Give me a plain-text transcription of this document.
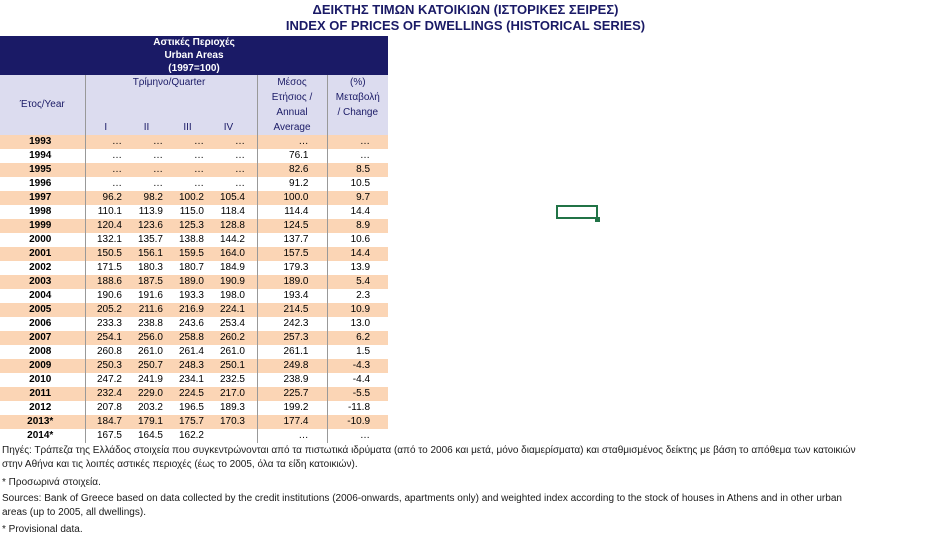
ΔΕΙΚΤΗΣ ΤΙΜΩΝ ΚΑΤΟΙΚΙΩΝ (ΙΣΤΟΡΙΚΕΣ ΣΕΙΡΕΣ)
INDEX OF PRICES OF DWELLINGS (HISTORICAL SERIES)
Αστικές Περιοχές							
Urban Areas							
(1997=100)							
Έτος/Year	Τρίμηνο/Quarter					Μέσος	(%)
						Ετήσιος /	Μεταβολή
						Annual	/ Change
	I	II	III	IV		Average	
1993	…	…	…	…		…	…
1994	…	…	…	…		76.1	…
1995	…	…	…	…		82.6	8.5
1996	…	…	…	…		91.2	10.5
1997	96.2	98.2	100.2	105.4		100.0	9.7
1998	110.1	113.9	115.0	118.4		114.4	14.4
1999	120.4	123.6	125.3	128.8		124.5	8.9
2000	132.1	135.7	138.8	144.2		137.7	10.6
2001	150.5	156.1	159.5	164.0		157.5	14.4
2002	171.5	180.3	180.7	184.9		179.3	13.9
2003	188.6	187.5	189.0	190.9		189.0	5.4
2004	190.6	191.6	193.3	198.0		193.4	2.3
2005	205.2	211.6	216.9	224.1		214.5	10.9
2006	233.3	238.8	243.6	253.4		242.3	13.0
2007	254.1	256.0	258.8	260.2		257.3	6.2
2008	260.8	261.0	261.4	261.0		261.1	1.5
2009	250.3	250.7	248.3	250.1		249.8	-4.3
2010	247.2	241.9	234.1	232.5		238.9	-4.4
2011	232.4	229.0	224.5	217.0		225.7	-5.5
2012	207.8	203.2	196.5	189.3		199.2	-11.8
2013*	184.7	179.1	175.7	170.3		177.4	-10.9
2014*	167.5	164.5	162.2			…	…
Πηγές: Τράπεζα της Ελλάδος στοιχεία που συγκεντρώνονται από τα πιστωτικά ιδρύματα (από το 2006 και μετά, μόνο διαμερίσματα) και σταθμισμένος δείκτης με βάση το απόθεμα των κατοικιών
στην Αθήνα και τις λοιπές αστικές περιοχές (έως το 2005, όλα τα είδη κατοικιών).
* Προσωρινά στοιχεία.
Sources: Bank of Greece based on data collected by the credit institutions (2006-onwards, apartments only) and weighted index according to the stock of houses in Athens and in other urban
areas (up to 2005, all dwellings).
* Provisional data.
